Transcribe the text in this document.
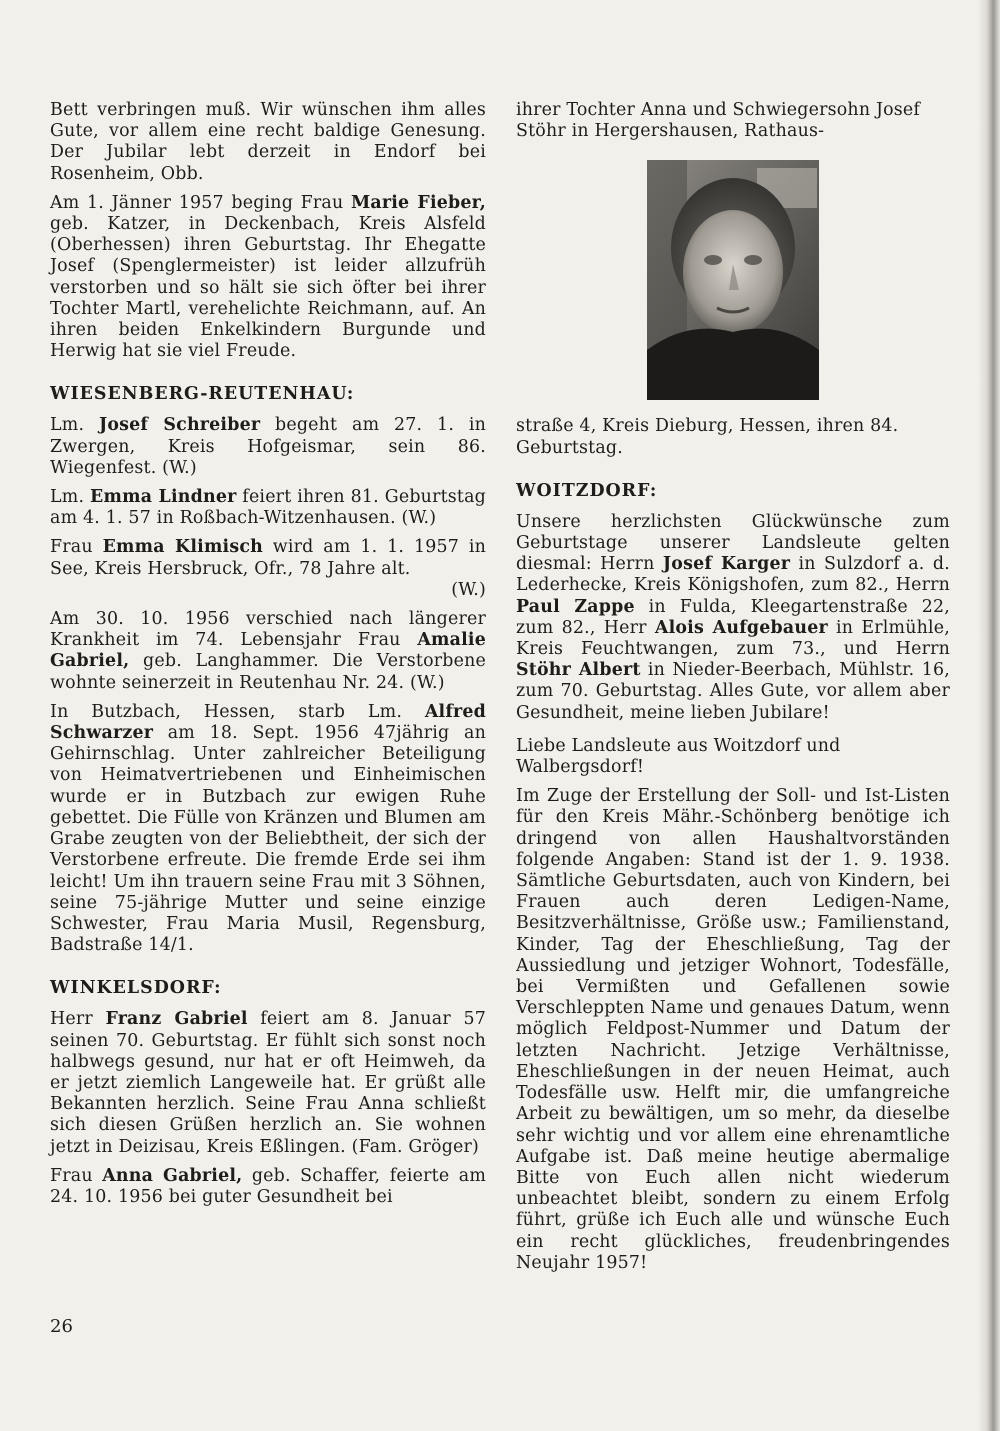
Bett verbringen muß. Wir wünschen ihm alles Gute, vor allem eine recht baldige Genesung. Der Jubilar lebt derzeit in Endorf bei Rosenheim, Obb.

Am 1. Jänner 1957 beging Frau Marie Fieber, geb. Katzer, in Deckenbach, Kreis Alsfeld (Oberhessen) ihren Geburtstag. Ihr Ehegatte Josef (Spenglermeister) ist leider allzufrüh verstorben und so hält sie sich öfter bei ihrer Tochter Martl, verehelichte Reichmann, auf. An ihren beiden Enkelkindern Burgunde und Herwig hat sie viel Freude.

WIESENBERG-REUTENHAU:

Lm. Josef Schreiber begeht am 27. 1. in Zwergen, Kreis Hofgeismar, sein 86. Wiegenfest. (W.)

Lm. Emma Lindner feiert ihren 81. Geburtstag am 4. 1. 57 in Roßbach-Witzenhausen. (W.)

Frau Emma Klimisch wird am 1. 1. 1957 in See, Kreis Hersbruck, Ofr., 78 Jahre alt.
(W.)

Am 30. 10. 1956 verschied nach längerer Krankheit im 74. Lebensjahr Frau Amalie Gabriel, geb. Langhammer. Die Verstorbene wohnte seinerzeit in Reutenhau Nr. 24. (W.)

In Butzbach, Hessen, starb Lm. Alfred Schwarzer am 18. Sept. 1956 47jährig an Gehirnschlag. Unter zahlreicher Beteiligung von Heimatvertriebenen und Einheimischen wurde er in Butzbach zur ewigen Ruhe gebettet. Die Fülle von Kränzen und Blumen am Grabe zeugten von der Beliebtheit, der sich der Verstorbene erfreute. Die fremde Erde sei ihm leicht! Um ihn trauern seine Frau mit 3 Söhnen, seine 75-jährige Mutter und seine einzige Schwester, Frau Maria Musil, Regensburg, Badstraße 14/1.

WINKELSDORF:

Herr Franz Gabriel feiert am 8. Januar 57 seinen 70. Geburtstag. Er fühlt sich sonst noch halbwegs gesund, nur hat er oft Heimweh, da er jetzt ziemlich Langeweile hat. Er grüßt alle Bekannten herzlich. Seine Frau Anna schließt sich diesen Grüßen herzlich an. Sie wohnen jetzt in Deizisau, Kreis Eßlingen. (Fam. Gröger)

Frau Anna Gabriel, geb. Schaffer, feierte am 24. 10. 1956 bei guter Gesundheit bei

ihrer Tochter Anna und Schwiegersohn Josef Stöhr in Hergershausen, Rathaus-

straße 4, Kreis Dieburg, Hessen, ihren 84. Geburtstag.

WOITZDORF:

Unsere herzlichsten Glückwünsche zum Geburtstage unserer Landsleute gelten diesmal: Herrn Josef Karger in Sulzdorf a. d. Lederhecke, Kreis Königshofen, zum 82., Herrn Paul Zappe in Fulda, Kleegartenstraße 22, zum 82., Herr Alois Aufgebauer in Erlmühle, Kreis Feuchtwangen, zum 73., und Herrn Stöhr Albert in Nieder-Beerbach, Mühlstr. 16, zum 70. Geburtstag. Alles Gute, vor allem aber Gesundheit, meine lieben Jubilare!

Liebe Landsleute aus Woitzdorf und Walbergsdorf!

Im Zuge der Erstellung der Soll- und Ist-Listen für den Kreis Mähr.-Schönberg benötige ich dringend von allen Haushaltvorständen folgende Angaben: Stand ist der 1. 9. 1938. Sämtliche Geburtsdaten, auch von Kindern, bei Frauen auch deren Ledigen-Name, Besitzverhältnisse, Größe usw.; Familienstand, Kinder, Tag der Eheschließung, Tag der Aussiedlung und jetziger Wohnort, Todesfälle, bei Vermißten und Gefallenen sowie Verschleppten Name und genaues Datum, wenn möglich Feldpost-Nummer und Datum der letzten Nachricht. Jetzige Verhältnisse, Eheschließungen in der neuen Heimat, auch Todesfälle usw. Helft mir, die umfangreiche Arbeit zu bewältigen, um so mehr, da dieselbe sehr wichtig und vor allem eine ehrenamtliche Aufgabe ist. Daß meine heutige abermalige Bitte von Euch allen nicht wiederum unbeachtet bleibt, sondern zu einem Erfolg führt, grüße ich Euch alle und wünsche Euch ein recht glückliches, freudenbringendes Neujahr 1957!

26
